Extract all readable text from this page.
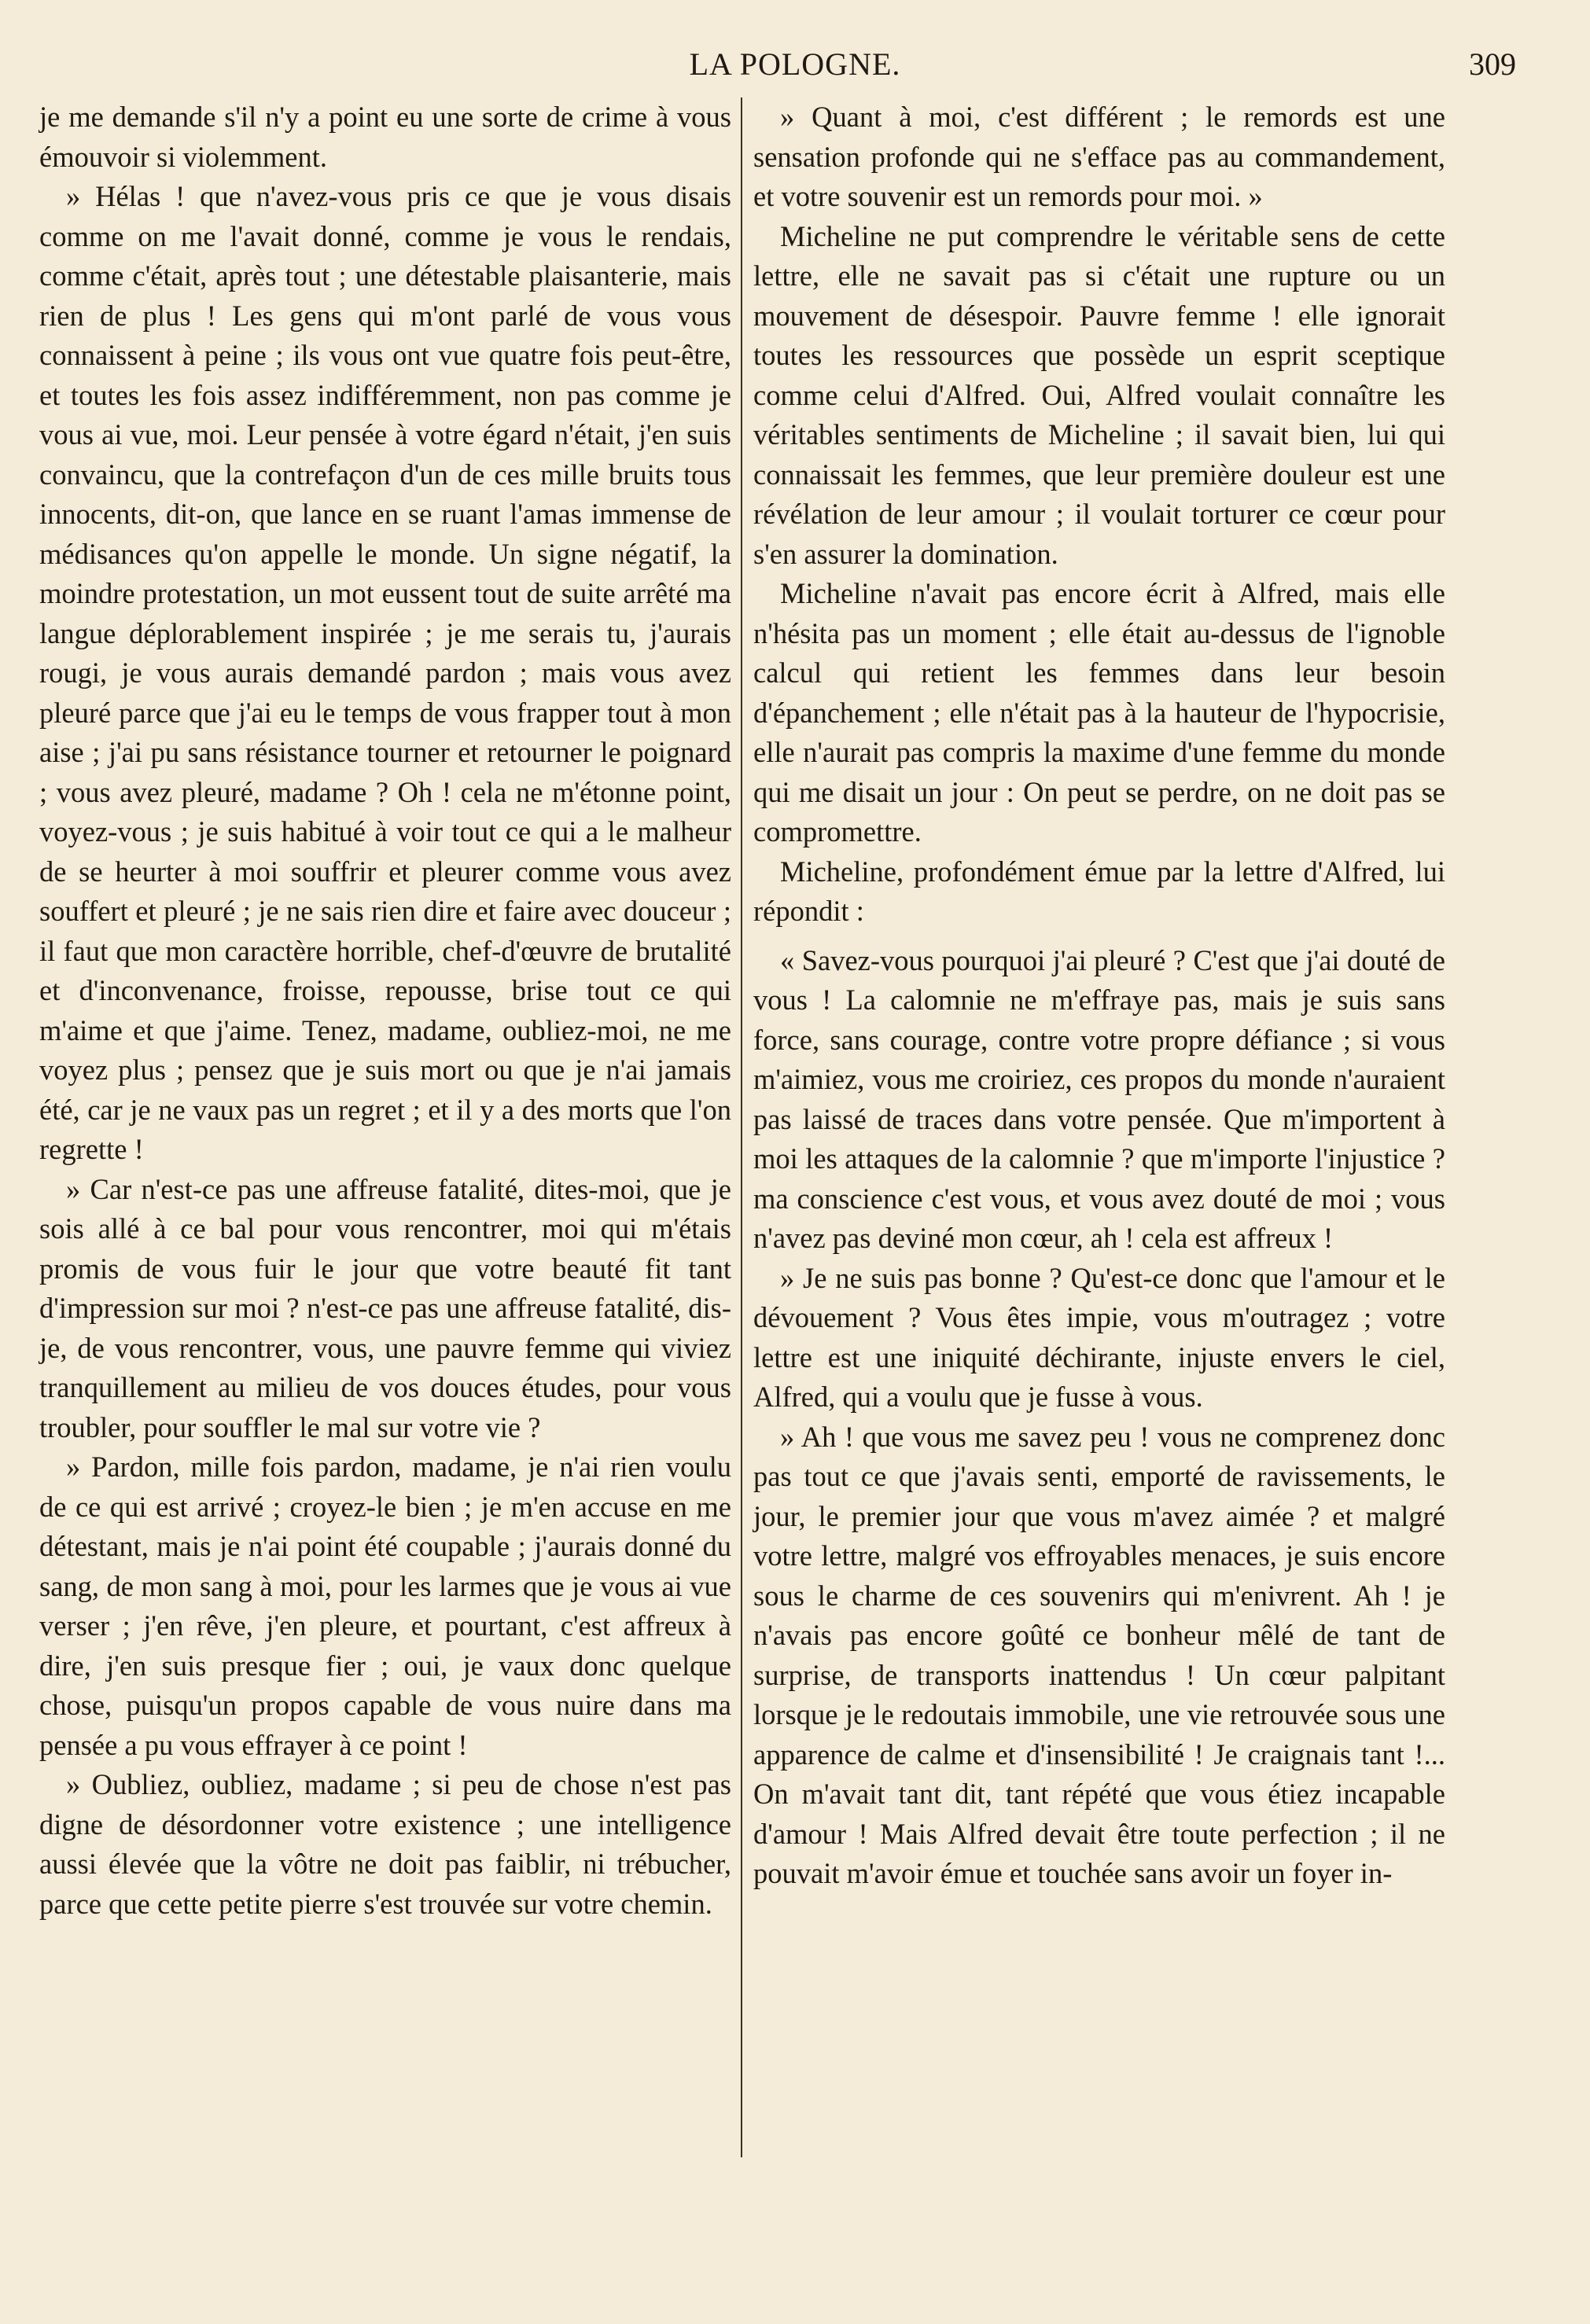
LA POLOGNE.	309

je me demande s'il n'y a point eu une sorte de crime à vous émouvoir si violemment.

» Hélas ! que n'avez-vous pris ce que je vous disais comme on me l'avait donné, comme je vous le rendais, comme c'était, après tout ; une détestable plaisanterie, mais rien de plus ! Les gens qui m'ont parlé de vous vous connaissent à peine ; ils vous ont vue quatre fois peut-être, et toutes les fois assez indifféremment, non pas comme je vous ai vue, moi. Leur pensée à votre égard n'était, j'en suis convaincu, que la contrefaçon d'un de ces mille bruits tous innocents, dit-on, que lance en se ruant l'amas immense de médisances qu'on appelle le monde. Un signe négatif, la moindre protestation, un mot eussent tout de suite arrêté ma langue déplorablement inspirée ; je me serais tu, j'aurais rougi, je vous aurais demandé pardon ; mais vous avez pleuré parce que j'ai eu le temps de vous frapper tout à mon aise ; j'ai pu sans résistance tourner et retourner le poignard ; vous avez pleuré, madame ? Oh ! cela ne m'étonne point, voyez-vous ; je suis habitué à voir tout ce qui a le malheur de se heurter à moi souffrir et pleurer comme vous avez souffert et pleuré ; je ne sais rien dire et faire avec douceur ; il faut que mon caractère horrible, chef-d'œuvre de brutalité et d'inconvenance, froisse, repousse, brise tout ce qui m'aime et que j'aime. Tenez, madame, oubliez-moi, ne me voyez plus ; pensez que je suis mort ou que je n'ai jamais été, car je ne vaux pas un regret ; et il y a des morts que l'on regrette !

» Car n'est-ce pas une affreuse fatalité, dites-moi, que je sois allé à ce bal pour vous rencontrer, moi qui m'étais promis de vous fuir le jour que votre beauté fit tant d'impression sur moi ? n'est-ce pas une affreuse fatalité, dis-je, de vous rencontrer, vous, une pauvre femme qui viviez tranquillement au milieu de vos douces études, pour vous troubler, pour souffler le mal sur votre vie ?

» Pardon, mille fois pardon, madame, je n'ai rien voulu de ce qui est arrivé ; croyez-le bien ; je m'en accuse en me détestant, mais je n'ai point été coupable ; j'aurais donné du sang, de mon sang à moi, pour les larmes que je vous ai vue verser ; j'en rêve, j'en pleure, et pourtant, c'est affreux à dire, j'en suis presque fier ; oui, je vaux donc quelque chose, puisqu'un propos capable de vous nuire dans ma pensée a pu vous effrayer à ce point !

» Oubliez, oubliez, madame ; si peu de chose n'est pas digne de désordonner votre existence ; une intelligence aussi élevée que la vôtre ne doit pas faiblir, ni trébucher, parce que cette petite pierre s'est trouvée sur votre chemin.

» Quant à moi, c'est différent ; le remords est une sensation profonde qui ne s'efface pas au commandement, et votre souvenir est un remords pour moi. »

Micheline ne put comprendre le véritable sens de cette lettre, elle ne savait pas si c'était une rupture ou un mouvement de désespoir. Pauvre femme ! elle ignorait toutes les ressources que possède un esprit sceptique comme celui d'Alfred. Oui, Alfred voulait connaître les véritables sentiments de Micheline ; il savait bien, lui qui connaissait les femmes, que leur première douleur est une révélation de leur amour ; il voulait torturer ce cœur pour s'en assurer la domination.

Micheline n'avait pas encore écrit à Alfred, mais elle n'hésita pas un moment ; elle était au-dessus de l'ignoble calcul qui retient les femmes dans leur besoin d'épanchement ; elle n'était pas à la hauteur de l'hypocrisie, elle n'aurait pas compris la maxime d'une femme du monde qui me disait un jour : On peut se perdre, on ne doit pas se compromettre.

Micheline, profondément émue par la lettre d'Alfred, lui répondit :

« Savez-vous pourquoi j'ai pleuré ? C'est que j'ai douté de vous ! La calomnie ne m'effraye pas, mais je suis sans force, sans courage, contre votre propre défiance ; si vous m'aimiez, vous me croiriez, ces propos du monde n'auraient pas laissé de traces dans votre pensée. Que m'importent à moi les attaques de la calomnie ? que m'importe l'injustice ? ma conscience c'est vous, et vous avez douté de moi ; vous n'avez pas deviné mon cœur, ah ! cela est affreux !

» Je ne suis pas bonne ? Qu'est-ce donc que l'amour et le dévouement ? Vous êtes impie, vous m'outragez ; votre lettre est une iniquité déchirante, injuste envers le ciel, Alfred, qui a voulu que je fusse à vous.

» Ah ! que vous me savez peu ! vous ne comprenez donc pas tout ce que j'avais senti, emporté de ravissements, le jour, le premier jour que vous m'avez aimée ? et malgré votre lettre, malgré vos effroyables menaces, je suis encore sous le charme de ces souvenirs qui m'enivrent. Ah ! je n'avais pas encore goûté ce bonheur mêlé de tant de surprise, de transports inattendus ! Un cœur palpitant lorsque je le redoutais immobile, une vie retrouvée sous une apparence de calme et d'insensibilité ! Je craignais tant !... On m'avait tant dit, tant répété que vous étiez incapable d'amour ! Mais Alfred devait être toute perfection ; il ne pouvait m'avoir émue et touchée sans avoir un foyer in-
